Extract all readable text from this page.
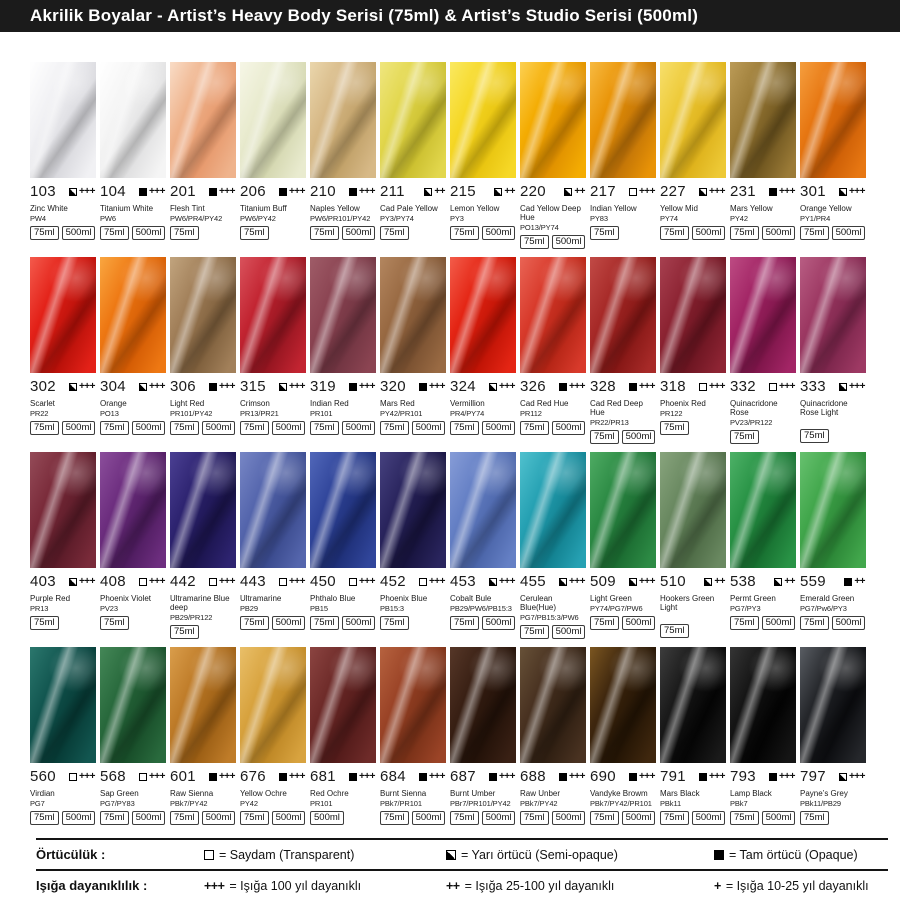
Akrilik Boyalar - Artist’s Heavy Body Serisi (75ml) & Artist’s Studio Serisi (500ml)
103 +++
Zinc White
PW4
75ml	500ml
104 +++
Titanium White
PW6
75ml	500ml
201 +++
Flesh Tint
PW6/PR4/PY42
75ml
206 +++
Titanium Buff
PW6/PY42
75ml
210 +++
Naples Yellow
PW6/PR101/PY42
75ml	500ml
211	++
Cad Pale Yellow
PY3/PY74
75ml
215	++
Lemon Yellow
PY3
75ml	500ml
220	++
Cad Yellow Deep Hue
PO13/PY74
75ml	500ml
217 +++
Indian Yellow
PY83
75ml
227 +++
Yellow Mid
PY74
75ml	500ml
231 +++
Mars Yellow
PY42
75ml	500ml
301 +++
Orange Yellow
PY1/PR4
75ml	500ml
302 +++
Scarlet
PR22
75ml	500ml
304 +++
Orange
PO13
75ml	500ml
306 +++
Light Red
PR101/PY42
75ml	500ml
315 +++
Crimson
PR13/PR21
75ml	500ml
319 +++
Indian Red
PR101
75ml	500ml
320 +++
Mars Red
PY42/PR101
75ml	500ml
324 +++
Vermillion
PR4/PY74
75ml	500ml
326 +++
Cad Red Hue
PR112
75ml	500ml
328 +++
Cad Red Deep Hue
PR22/PR13
75ml	500ml
318 +++
Phoenix Red
PR122
75ml
332 +++
Quinacridone Rose
PV23/PR122
75ml
333 +++
Quinacridone Rose Light
75ml
403 +++
Purple Red
PR13
75ml
408 +++
Phoenix Violet
PV23
75ml
442 +++
Ultramarine Blue deep
PB29/PR122
75ml
443 +++
Ultramarine
PB29
75ml	500ml
450 +++
Phthalo Blue
PB15
75ml	500ml
452 +++
Phoenix Blue
PB15:3
75ml
453 +++
Cobalt Bule
PB29/PW6/PB15:3
75ml	500ml
455 +++
Cerulean Blue(Hue)
PG7/PB15:3/PW6
75ml	500ml
509 +++
Light Green
PY74/PG7/PW6
75ml	500ml
510	++
Hookers Green Light
75ml
538	++
Permt Green
PG7/PY3
75ml	500ml
559	++
Emerald Green
PG7/Pw6/PY3
75ml	500ml
560 +++
Virdian
PG7
75ml	500ml
568 +++
Sap Green
PG7/PY83
75ml	500ml
601 +++
Raw Sienna
PBk7/PY42
75ml	500ml
676 +++
Yellow Ochre
PY42
75ml	500ml
681 +++
Red Ochre
PR101
500ml
684 +++
Burnt Sienna
PBk7/PR101
75ml	500ml
687 +++
Burnt Umber
PBr7/PR101/PY42
75ml	500ml
688 +++
Raw Unber
PBk7/PY42
75ml	500ml
690 +++
Vandyke Browm
PBk7/PY42/PR101
75ml	500ml
791 +++
Mars Black
PBk11
75ml	500ml
793 +++
Lamp Black
PBk7
75ml	500ml
797 +++
Payne’s Grey
PBk11/PB29
75ml
Örtücülük :	= Saydam (Transparent)	= Yarı örtücü (Semi-opaque)	= Tam örtücü (Opaque)
Işığa dayanıklılık :	+++ = Işığa 100 yıl dayanıklı	++ = Işığa 25-100 yıl dayanıklı	+ = Işığa 10-25 yıl dayanıklı
